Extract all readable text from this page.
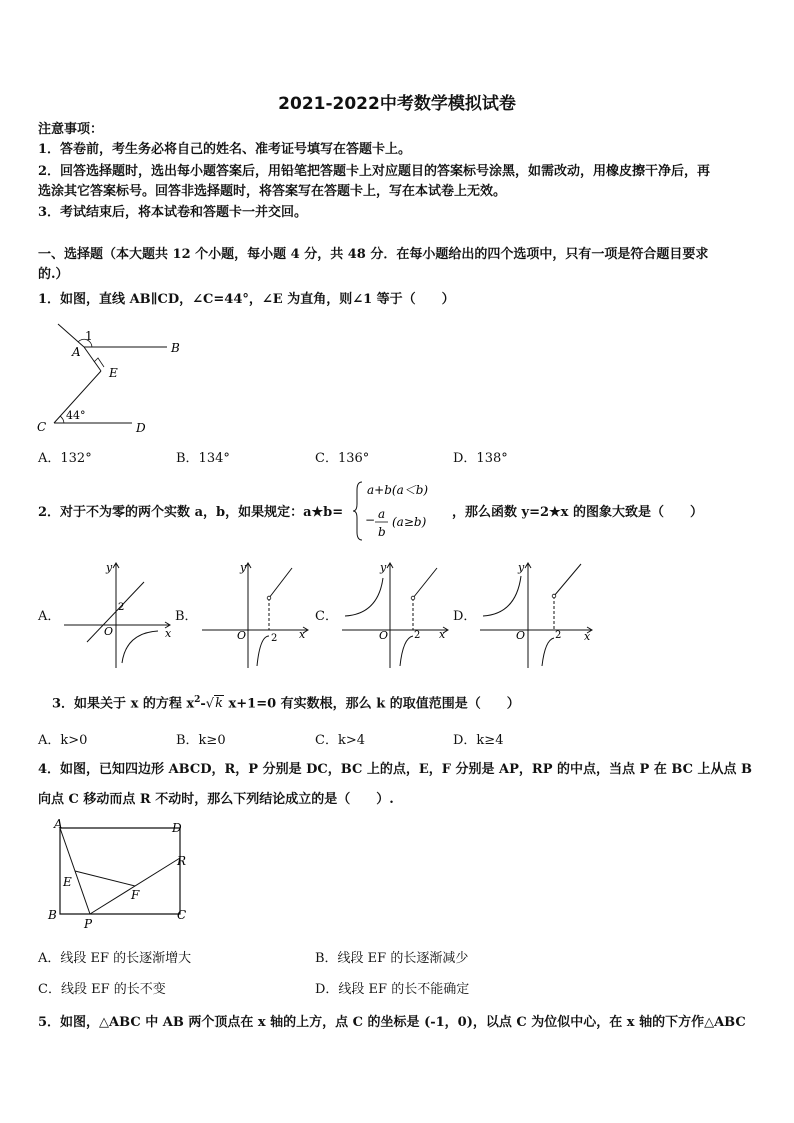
2021-2022中考数学模拟试卷
注意事项：
1．答卷前，考生务必将自己的姓名、准考证号填写在答题卡上。
2．回答选择题时，选出每小题答案后，用铅笔把答题卡上对应题目的答案标号涂黑，如需改动，用橡皮擦干净后，再
选涂其它答案标号。回答非选择题时，将答案写在答题卡上，写在本试卷上无效。
3．考试结束后，将本试卷和答题卡一并交回。
一、选择题（本大题共 12 个小题，每小题 4 分，共 48 分．在每小题给出的四个选项中，只有一项是符合题目要求
的.）
1．如图，直线 AB∥CD，∠C=44°，∠E 为直角，则∠1 等于（　　）
1
A	B
E
C	D
44°
A．132°	B．134°	C．136°	D．138°
2．对于不为零的两个实数 a，b，如果规定：a★b=
a+b(a＜b)
− a
b
(a≥b)
，那么函数 y=2★x 的图象大致是（　　）
A．	B．	C．	D．
y
x
O
2
y
x
O 2
y
x
O	2
y
x
O	2
3．如果关于 x 的方程 $x^2-√k$ x+1=0 有实数根，那么 k 的取值范围是（　　）
A．k>0	B．k≥0	C．k>4	D．k≥4
4．如图，已知四边形 ABCD，R，P 分别是 DC，BC 上的点，E，F 分别是 AP，RP 的中点，当点 P 在 BC 上从点 B
向点 C 移动而点 R 不动时，那么下列结论成立的是（　　）.
A	D
B	C
P
R
E
F
A．线段 EF 的长逐渐增大	B．线段 EF 的长逐渐减少
C．线段 EF 的长不变	D．线段 EF 的长不能确定
5．如图，△ABC 中 AB 两个顶点在 x 轴的上方，点 C 的坐标是 (-1，0)，以点 C 为位似中心，在 x 轴的下方作△ABC
